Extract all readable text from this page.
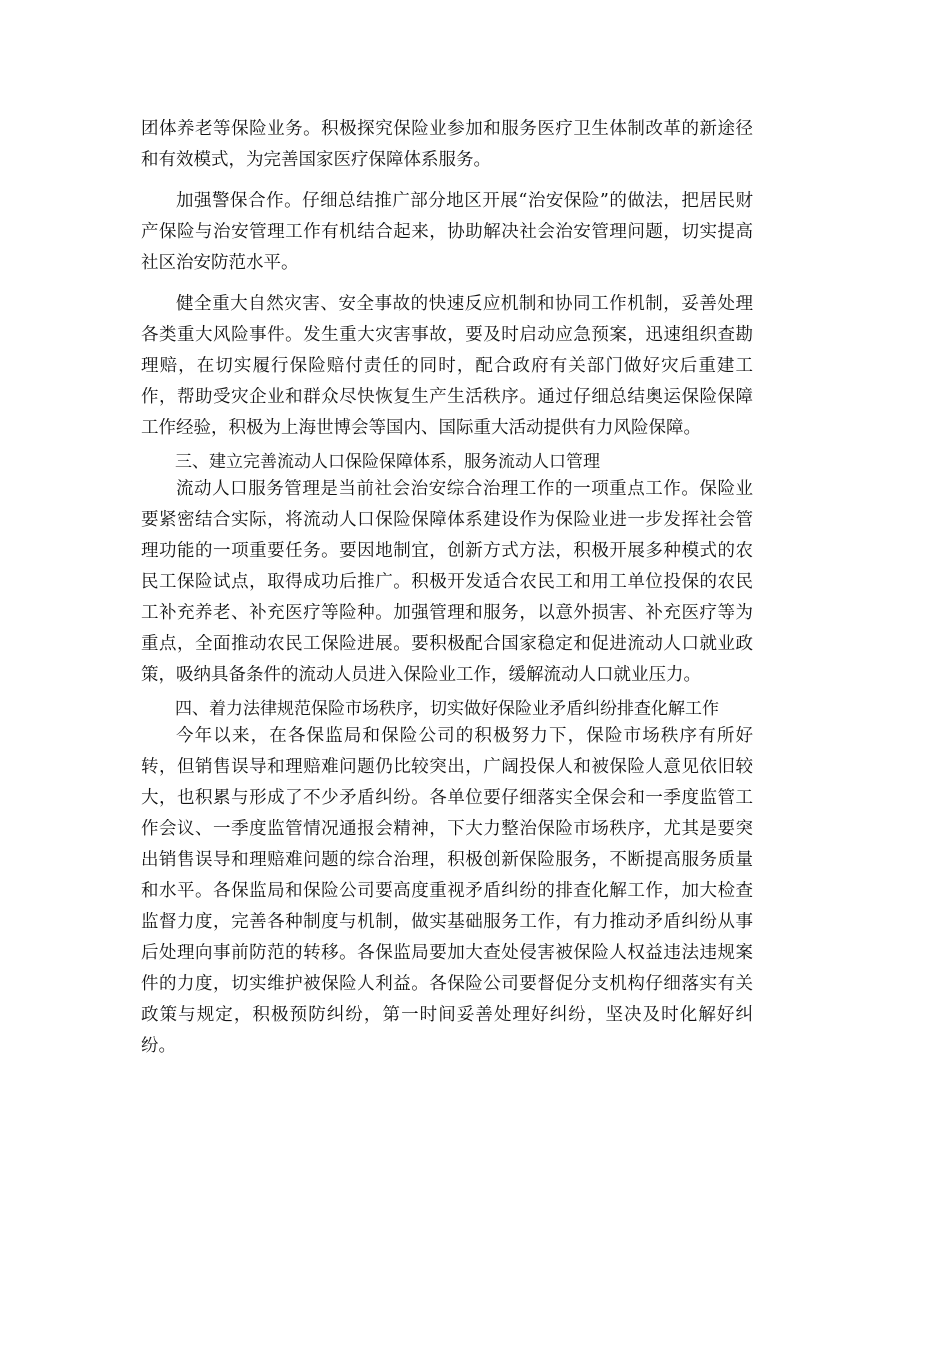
团体养老等保险业务。积极探究保险业参加和服务医疗卫生体制改革的新途径和有效模式，为完善国家医疗保障体系服务。

加强警保合作。仔细总结推广部分地区开展“治安保险”的做法，把居民财产保险与治安管理工作有机结合起来，协助解决社会治安管理问题，切实提高社区治安防范水平。

健全重大自然灾害、安全事故的快速反应机制和协同工作机制，妥善处理各类重大风险事件。发生重大灾害事故，要及时启动应急预案，迅速组织查勘理赔，在切实履行保险赔付责任的同时，配合政府有关部门做好灾后重建工作，帮助受灾企业和群众尽快恢复生产生活秩序。通过仔细总结奥运保险保障工作经验，积极为上海世博会等国内、国际重大活动提供有力风险保障。

三、建立完善流动人口保险保障体系，服务流动人口管理

流动人口服务管理是当前社会治安综合治理工作的一项重点工作。保险业要紧密结合实际，将流动人口保险保障体系建设作为保险业进一步发挥社会管理功能的一项重要任务。要因地制宜，创新方式方法，积极开展多种模式的农民工保险试点，取得成功后推广。积极开发适合农民工和用工单位投保的农民工补充养老、补充医疗等险种。加强管理和服务，以意外损害、补充医疗等为重点，全面推动农民工保险进展。要积极配合国家稳定和促进流动人口就业政策，吸纳具备条件的流动人员进入保险业工作，缓解流动人口就业压力。

四、着力法律规范保险市场秩序，切实做好保险业矛盾纠纷排查化解工作

今年以来，在各保监局和保险公司的积极努力下，保险市场秩序有所好转，但销售误导和理赔难问题仍比较突出，广阔投保人和被保险人意见依旧较大，也积累与形成了不少矛盾纠纷。各单位要仔细落实全保会和一季度监管工作会议、一季度监管情况通报会精神，下大力整治保险市场秩序，尤其是要突出销售误导和理赔难问题的综合治理，积极创新保险服务，不断提高服务质量和水平。各保监局和保险公司要高度重视矛盾纠纷的排查化解工作，加大检查监督力度，完善各种制度与机制，做实基础服务工作，有力推动矛盾纠纷从事后处理向事前防范的转移。各保监局要加大查处侵害被保险人权益违法违规案件的力度，切实维护被保险人利益。各保险公司要督促分支机构仔细落实有关政策与规定，积极预防纠纷，第一时间妥善处理好纠纷，坚决及时化解好纠纷。
